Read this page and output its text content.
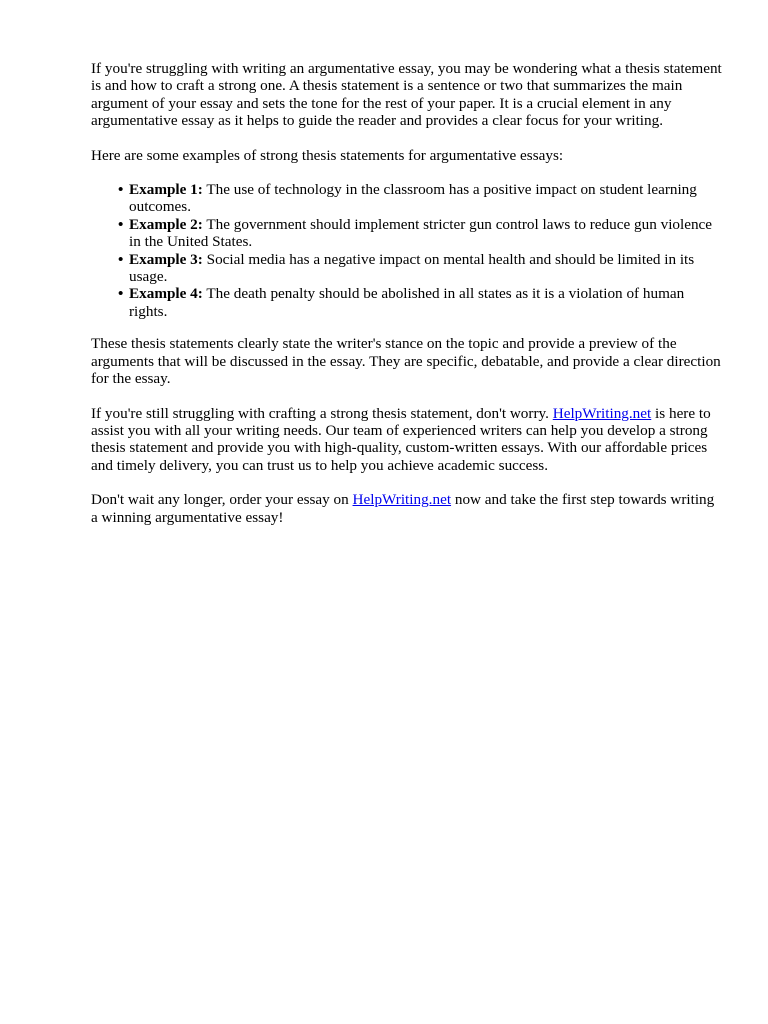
If you're struggling with writing an argumentative essay, you may be wondering what a thesis statement is and how to craft a strong one. A thesis statement is a sentence or two that summarizes the main argument of your essay and sets the tone for the rest of your paper. It is a crucial element in any argumentative essay as it helps to guide the reader and provides a clear focus for your writing.

Here are some examples of strong thesis statements for argumentative essays:

• Example 1: The use of technology in the classroom has a positive impact on student learning outcomes.
• Example 2: The government should implement stricter gun control laws to reduce gun violence in the United States.
• Example 3: Social media has a negative impact on mental health and should be limited in its usage.
• Example 4: The death penalty should be abolished in all states as it is a violation of human rights.

These thesis statements clearly state the writer's stance on the topic and provide a preview of the arguments that will be discussed in the essay. They are specific, debatable, and provide a clear direction for the essay.

If you're still struggling with crafting a strong thesis statement, don't worry. HelpWriting.net is here to assist you with all your writing needs. Our team of experienced writers can help you develop a strong thesis statement and provide you with high-quality, custom-written essays. With our affordable prices and timely delivery, you can trust us to help you achieve academic success.

Don't wait any longer, order your essay on HelpWriting.net now and take the first step towards writing a winning argumentative essay!
